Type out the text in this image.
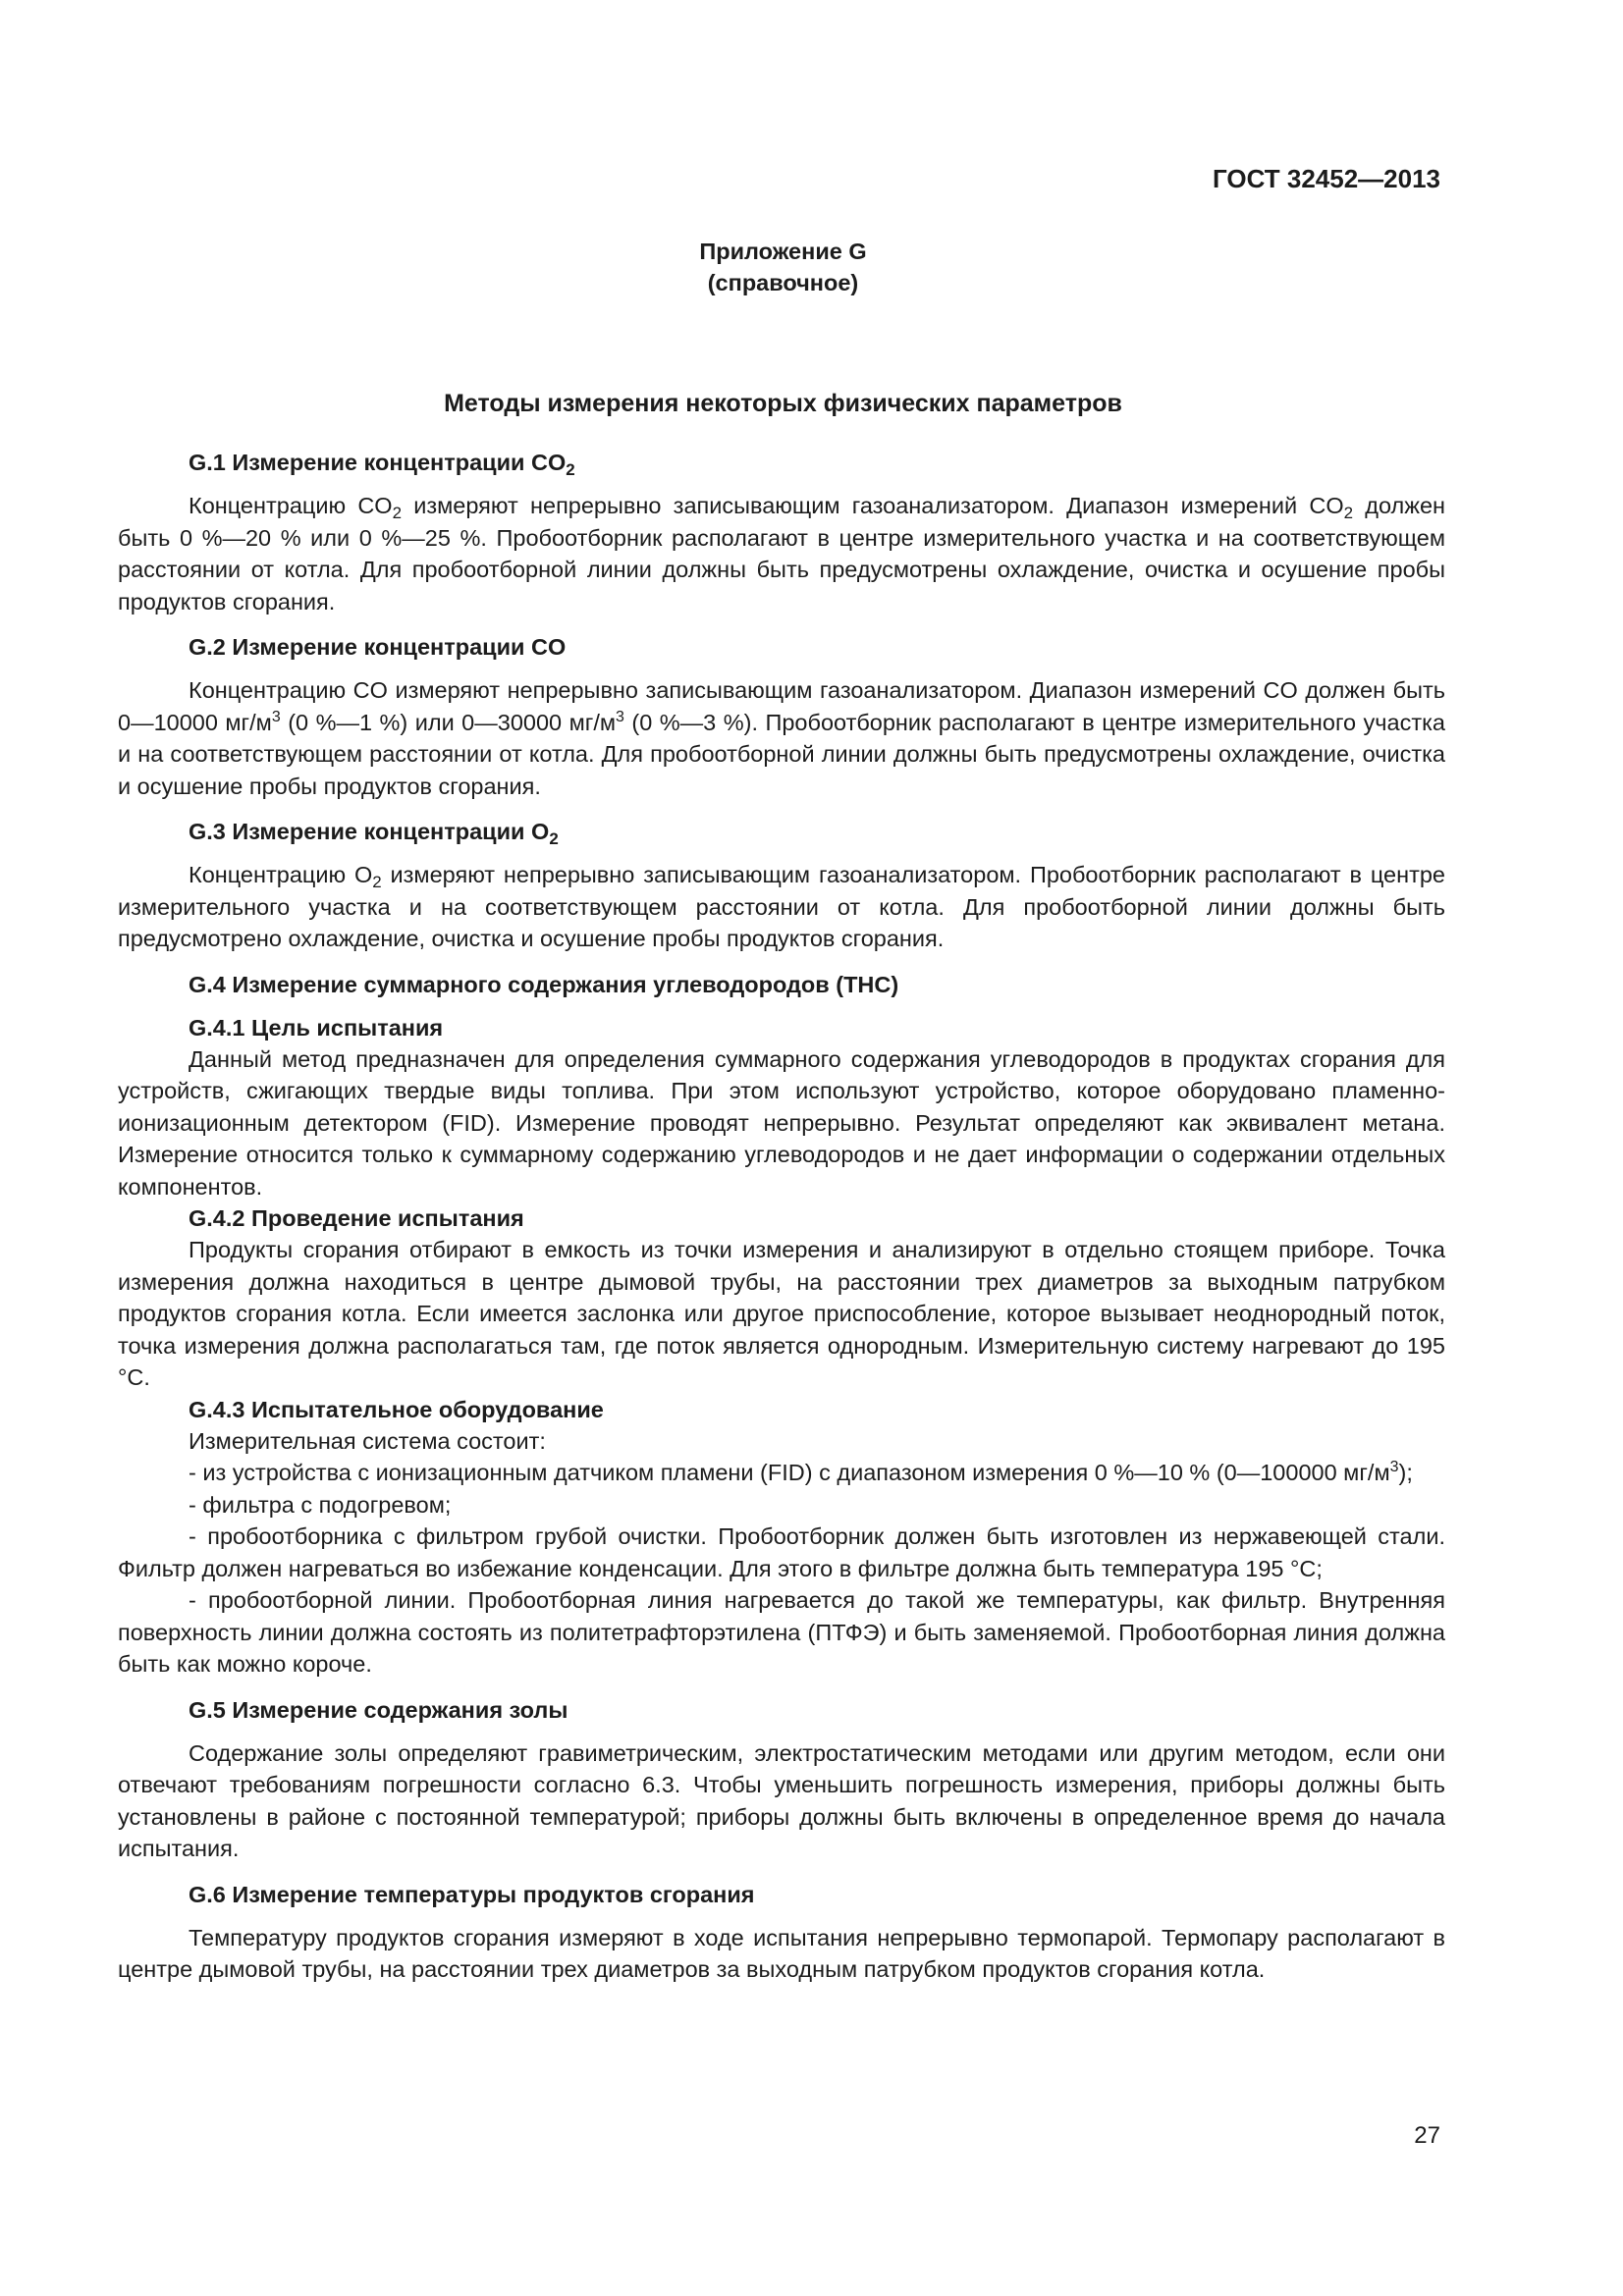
ГОСТ 32452—2013

Приложение G

(справочное)

Методы измерения некоторых физических параметров
G.1 Измерение концентрации $CO_2$

Концентрацию $CO_2$ измеряют непрерывно записывающим газоанализатором. Диапазон измерений $CO_2$ должен быть 0 %—20 % или 0 %—25 %. Пробоотборник располагают в центре измерительного участка и на соответствующем расстоянии от котла. Для пробоотборной линии должны быть предусмотрены охлаждение, очистка и осушение пробы продуктов сгорания.

G.2 Измерение концентрации CO

Концентрацию CO измеряют непрерывно записывающим газоанализатором. Диапазон измерений CO должен быть 0—10000 $мг/м^3$ (0 %—1 %) или 0—30000 $мг/м^3$ (0 %—3 %). Пробоотборник располагают в центре измерительного участка и на соответствующем расстоянии от котла. Для пробоотборной линии должны быть предусмотрены охлаждение, очистка и осушение пробы продуктов сгорания.

G.3 Измерение концентрации $O_2$

Концентрацию $O_2$ измеряют непрерывно записывающим газоанализатором. Пробоотборник располагают в центре измерительного участка и на соответствующем расстоянии от котла. Для пробоотборной линии должны быть предусмотрено охлаждение, очистка и осушение пробы продуктов сгорания.

G.4 Измерение суммарного содержания углеводородов (THC)
G.4.1 Цель испытания

Данный метод предназначен для определения суммарного содержания углеводородов в продуктах сгорания для устройств, сжигающих твердые виды топлива. При этом используют устройство, которое оборудовано пламенно-ионизационным детектором (FID). Измерение проводят непрерывно. Результат определяют как эквивалент метана. Измерение относится только к суммарному содержанию углеводородов и не дает информации о содержании отдельных компонентов.

G.4.2 Проведение испытания

Продукты сгорания отбирают в емкость из точки измерения и анализируют в отдельно стоящем приборе. Точка измерения должна находиться в центре дымовой трубы, на расстоянии трех диаметров за выходным патрубком продуктов сгорания котла. Если имеется заслонка или другое приспособление, которое вызывает неоднородный поток, точка измерения должна располагаться там, где поток является однородным. Измерительную систему нагревают до 195 °С.

G.4.3 Испытательное оборудование

Измерительная система состоит:

- из устройства с ионизационным датчиком пламени (FID) с диапазоном измерения 0 %—10 % (0—100000 $мг/м^3$);

- фильтра с подогревом;

- пробоотборника с фильтром грубой очистки. Пробоотборник должен быть изготовлен из нержавеющей стали. Фильтр должен нагреваться во избежание конденсации. Для этого в фильтре должна быть температура 195 °С;

- пробоотборной линии. Пробоотборная линия нагревается до такой же температуры, как фильтр. Внутренняя поверхность линии должна состоять из политетрафторэтилена (ПТФЭ) и быть заменяемой. Пробоотборная линия должна быть как можно короче.

G.5 Измерение содержания золы

Содержание золы определяют гравиметрическим, электростатическим методами или другим методом, если они отвечают требованиям погрешности согласно 6.3. Чтобы уменьшить погрешность измерения, приборы должны быть установлены в районе с постоянной температурой; приборы должны быть включены в определенное время до начала испытания.

G.6 Измерение температуры продуктов сгорания

Температуру продуктов сгорания измеряют в ходе испытания непрерывно термопарой. Термопару располагают в центре дымовой трубы, на расстоянии трех диаметров за выходным патрубком продуктов сгорания котла.

27
